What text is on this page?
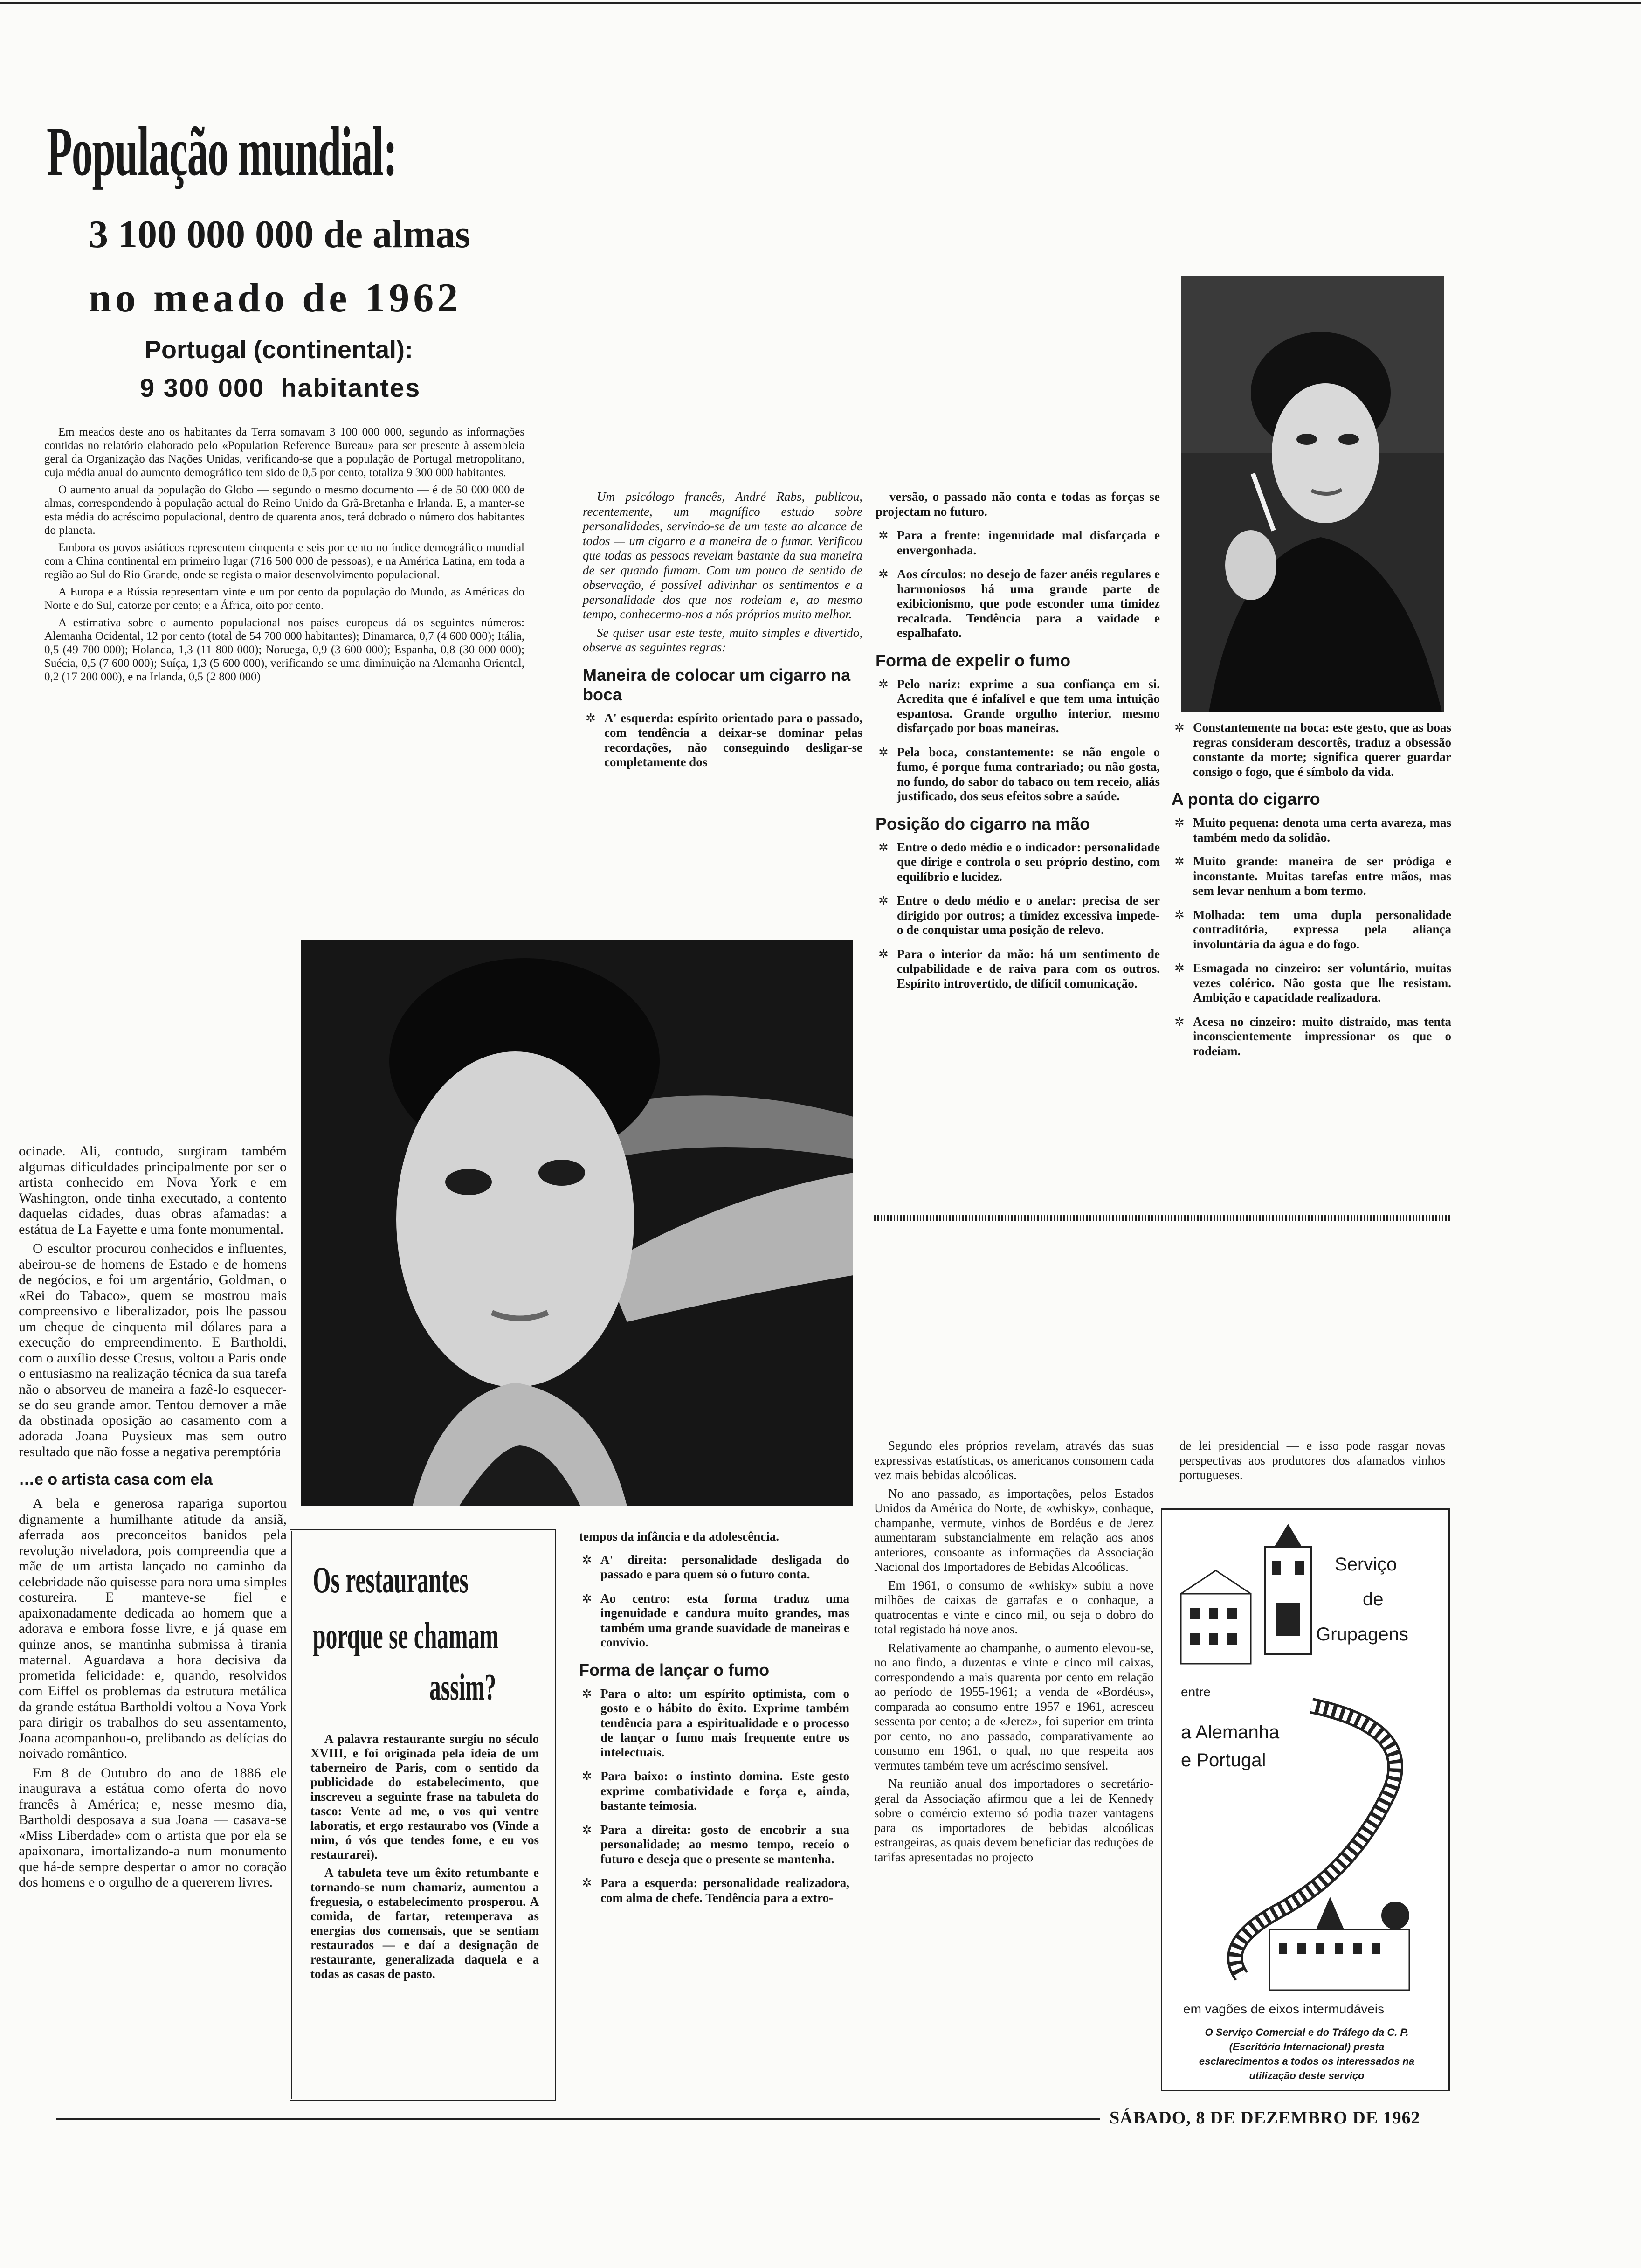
População mundial:
3 100 000 000 de almas
no meado de 1962
Portugal (continental):
9 300 000  habitantes

Em meados deste ano os habitantes da Terra somavam 3 100 000 000, segundo as informações contidas no relatório elaborado pelo «Population Reference Bureau» para ser presente à assembleia geral da Organização das Nações Unidas, verificando-se que a população de Portugal metropolitano, cuja média anual do aumento demográfico tem sido de 0,5 por cento, totaliza 9 300 000 habitantes.

O aumento anual da população do Globo — segundo o mesmo documento — é de 50 000 000 de almas, correspondendo à população actual do Reino Unido da Grã-Bretanha e Irlanda. E, a manter-se esta média do acréscimo populacional, dentro de quarenta anos, terá dobrado o número dos habitantes do planeta.

Embora os povos asiáticos representem cinquenta e seis por cento no índice demográfico mundial com a China continental em primeiro lugar (716 500 000 de pessoas), e na América Latina, em toda a região ao Sul do Rio Grande, onde se regista o maior desenvolvimento populacional.

A Europa e a Rússia representam vinte e um por cento da população do Mundo, as Américas do Norte e do Sul, catorze por cento; e a África, oito por cento.

A estimativa sobre o aumento populacional nos países europeus dá os seguintes números: Alemanha Ocidental, 12 por cento (total de 54 700 000 habitantes); Dinamarca, 0,7 (4 600 000); Itália, 0,5 (49 700 000); Holanda, 1,3 (11 800 000); Noruega, 0,9 (3 600 000); Espanha, 0,8 (30 000 000); Suécia, 0,5 (7 600 000); Suíça, 1,3 (5 600 000), verificando-se uma diminuição na Alemanha Oriental, 0,2 (17 200 000), e na Irlanda, 0,5 (2 800 000)

Um psicólogo francês, André Rabs, publicou, recentemente, um magnífico estudo sobre personalidades, servindo-se de um teste ao alcance de todos — um cigarro e a maneira de o fumar. Verificou que todas as pessoas revelam bastante da sua maneira de ser quando fumam. Com um pouco de sentido de observação, é possível adivinhar os sentimentos e a personalidade dos que nos rodeiam e, ao mesmo tempo, conhecermo-nos a nós próprios muito melhor.

Se quiser usar este teste, muito simples e divertido, observe as seguintes regras:

Maneira de colocar um cigarro na boca
✲ A' esquerda: espírito orientado para o passado, com tendência a deixar-se dominar pelas recordações, não conseguindo desligar-se completamente dos

versão, o passado não conta e todas as forças se projectam no futuro.

✲ Para a frente: ingenuidade mal disfarçada e envergonhada.
✲ Aos círculos: no desejo de fazer anéis regulares e harmoniosos há uma grande parte de exibicionismo, que pode esconder uma timidez recalcada. Tendência para a vaidade e espalhafato.
Forma de expelir o fumo
✲ Pelo nariz: exprime a sua confiança em si. Acredita que é infalível e que tem uma intuição espantosa. Grande orgulho interior, mesmo disfarçado por boas maneiras.
✲ Pela boca, constantemente: se não engole o fumo, é porque fuma contrariado; ou não gosta, no fundo, do sabor do tabaco ou tem receio, aliás justificado, dos seus efeitos sobre a saúde.
Posição do cigarro na mão
✲ Entre o dedo médio e o indicador: personalidade que dirige e controla o seu próprio destino, com equilíbrio e lucidez.
✲ Entre o dedo médio e o anelar: precisa de ser dirigido por outros; a timidez excessiva impede-o de conquistar uma posição de relevo.
✲ Para o interior da mão: há um sentimento de culpabilidade e de raiva para com os outros. Espírito introvertido, de difícil comunicação.
✲ Constantemente na boca: este gesto, que as boas regras consideram descortês, traduz a obsessão constante da morte; significa querer guardar consigo o fogo, que é símbolo da vida.
A ponta do cigarro
✲ Muito pequena: denota uma certa avareza, mas também medo da solidão.
✲ Muito grande: maneira de ser pródiga e inconstante. Muitas tarefas entre mãos, mas sem levar nenhum a bom termo.
✲ Molhada: tem uma dupla personalidade contraditória, expressa pela aliança involuntária da água e do fogo.
✲ Esmagada no cinzeiro: ser voluntário, muitas vezes colérico. Não gosta que lhe resistam. Ambição e capacidade realizadora.
✲ Acesa no cinzeiro: muito distraído, mas tenta inconscientemente impressionar os que o rodeiam.

ocinade. Ali, contudo, surgiram também algumas dificuldades principalmente por ser o artista conhecido em Nova York e em Washington, onde tinha executado, a contento daquelas cidades, duas obras afamadas: a estátua de La Fayette e uma fonte monumental.

O escultor procurou conhecidos e influentes, abeirou-se de homens de Estado e de homens de negócios, e foi um argentário, Goldman, o «Rei do Tabaco», quem se mostrou mais compreensivo e liberalizador, pois lhe passou um cheque de cinquenta mil dólares para a execução do empreendimento. E Bartholdi, com o auxílio desse Cresus, voltou a Paris onde o entusiasmo na realização técnica da sua tarefa não o absorveu de maneira a fazê-lo esquecer-se do seu grande amor. Tentou demover a mãe da obstinada oposição ao casamento com a adorada Joana Puysieux mas sem outro resultado que não fosse a negativa peremptória

…e o artista casa com ela

A bela e generosa rapariga suportou dignamente a humilhante atitude da ansiã, aferrada aos preconceitos banidos pela revolução niveladora, pois compreendia que a mãe de um artista lançado no caminho da celebridade não quisesse para nora uma simples costureira. E manteve-se fiel e apaixonadamente dedicada ao homem que a adorava e embora fosse livre, e já quase em quinze anos, se mantinha submissa à tirania maternal. Aguardava a hora decisiva da prometida felicidade: e, quando, resolvidos com Eiffel os problemas da estrutura metálica da grande estátua Bartholdi voltou a Nova York para dirigir os trabalhos do seu assentamento, Joana acompanhou-o, prelibando as delícias do noivado romântico.

Em 8 de Outubro do ano de 1886 ele inaugurava a estátua como oferta do novo francês à América; e, nesse mesmo dia, Bartholdi desposava a sua Joana — casava-se «Miss Liberdade» com o artista que por ela se apaixonara, imortalizando-a num monumento que há-de sempre despertar o amor no coração dos homens e o orgulho de a quererem livres.

Os restaurantes
porque se chamam
assim?

A palavra restaurante surgiu no século XVIII, e foi originada pela ideia de um taberneiro de Paris, com o sentido da publicidade do estabelecimento, que inscreveu a seguinte frase na tabuleta do tasco: Vente ad me, o vos qui ventre laboratis, et ergo restaurabo vos (Vinde a mim, ó vós que tendes fome, e eu vos restaurarei).

A tabuleta teve um êxito retumbante e tornando-se num chamariz, aumentou a freguesia, o estabelecimento prosperou. A comida, de fartar, retemperava as energias dos comensais, que se sentiam restaurados — e daí a designação de restaurante, generalizada daquela e a todas as casas de pasto.

tempos da infância e da adolescência.

✲ A' direita: personalidade desligada do passado e para quem só o futuro conta.
✲ Ao centro: esta forma traduz uma ingenuidade e candura muito grandes, mas também uma grande suavidade de maneiras e convívio.
Forma de lançar o fumo
✲ Para o alto: um espírito optimista, com o gosto e o hábito do êxito. Exprime também tendência para a espiritualidade e o processo de lançar o fumo mais frequente entre os intelectuais.
✲ Para baixo: o instinto domina. Este gesto exprime combatividade e força e, ainda, bastante teimosia.
✲ Para a direita: gosto de encobrir a sua personalidade; ao mesmo tempo, receio o futuro e deseja que o presente se mantenha.
✲ Para a esquerda: personalidade realizadora, com alma de chefe. Tendência para a extro-

Segundo eles próprios revelam, através das suas expressivas estatísticas, os americanos consomem cada vez mais bebidas alcoólicas.

No ano passado, as importações, pelos Estados Unidos da América do Norte, de «whisky», conhaque, champanhe, vermute, vinhos de Bordéus e de Jerez aumentaram substancialmente em relação aos anos anteriores, consoante as informações da Associação Nacional dos Importadores de Bebidas Alcoólicas.

Em 1961, o consumo de «whisky» subiu a nove milhões de caixas de garrafas e o conhaque, a quatrocentas e vinte e cinco mil, ou seja o dobro do total registado há nove anos.

Relativamente ao champanhe, o aumento elevou-se, no ano findo, a duzentas e vinte e cinco mil caixas, correspondendo a mais quarenta por cento em relação ao período de 1955-1961; a venda de «Bordéus», comparada ao consumo entre 1957 e 1961, acresceu sessenta por cento; a de «Jerez», foi superior em trinta por cento, no ano passado, comparativamente ao consumo em 1961, o qual, no que respeita aos vermutes também teve um acréscimo sensível.

Na reunião anual dos importadores o secretário-geral da Associação afirmou que a lei de Kennedy sobre o comércio externo só podia trazer vantagens para os importadores de bebidas alcoólicas estrangeiras, as quais devem beneficiar das reduções de tarifas apresentadas no projecto

de lei presidencial — e isso pode rasgar novas perspectivas aos produtores dos afamados vinhos portugueses.

Serviço
de
Grupagens
entre
a Alemanha
e Portugal
em vagões de eixos intermudáveis
O Serviço Comercial e do Tráfego da C. P. (Escritório Internacional) presta esclarecimentos a todos os interessados na utilização deste serviço
SÁBADO, 8 DE DEZEMBRO DE 1962
